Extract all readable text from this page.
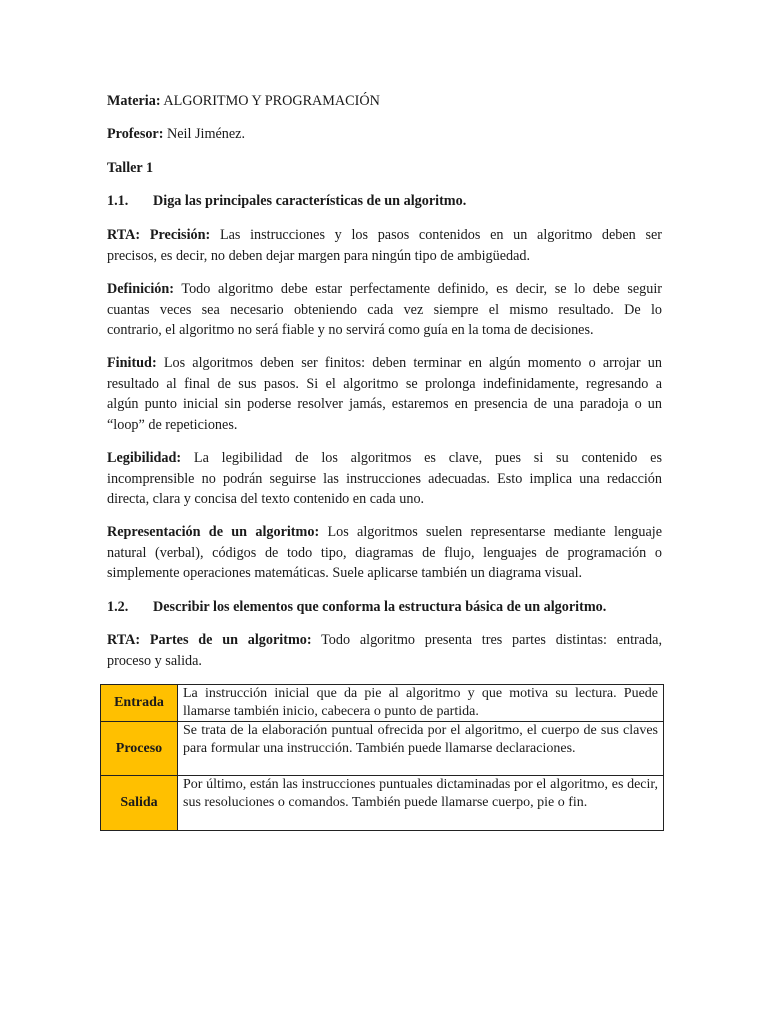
Materia: ALGORITMO Y PROGRAMACIÓN

Profesor: Neil Jiménez.

Taller 1

1.1. Diga las principales características de un algoritmo.

RTA: Precisión: Las instrucciones y los pasos contenidos en un algoritmo deben ser
precisos, es decir, no deben dejar margen para ningún tipo de ambigüedad.
Definición: Todo algoritmo debe estar perfectamente definido, es decir, se lo debe seguir
cuantas veces sea necesario obteniendo cada vez siempre el mismo resultado. De lo
contrario, el algoritmo no será fiable y no servirá como guía en la toma de decisiones.
Finitud: Los algoritmos deben ser finitos: deben terminar en algún momento o arrojar un
resultado al final de sus pasos. Si el algoritmo se prolonga indefinidamente, regresando a
algún punto inicial sin poderse resolver jamás, estaremos en presencia de una paradoja o un
“loop” de repeticiones.
Legibilidad: La legibilidad de los algoritmos es clave, pues si su contenido es
incomprensible no podrán seguirse las instrucciones adecuadas. Esto implica una redacción
directa, clara y concisa del texto contenido en cada uno.
Representación de un algoritmo: Los algoritmos suelen representarse mediante lenguaje
natural (verbal), códigos de todo tipo, diagramas de flujo, lenguajes de programación o
simplemente operaciones matemáticas. Suele aplicarse también un diagrama visual.

1.2. Describir los elementos que conforma la estructura básica de un algoritmo.

RTA: Partes de un algoritmo: Todo algoritmo presenta tres partes distintas: entrada,
proceso y salida.
Entrada	La instrucción inicial que da pie al algoritmo y que motiva su lectura. Puede llamarse también inicio, cabecera o punto de partida.
Proceso	Se trata de la elaboración puntual ofrecida por el algoritmo, el cuerpo de sus claves para formular una instrucción. También puede llamarse declaraciones.
Salida	Por último, están las instrucciones puntuales dictaminadas por el algoritmo, es decir, sus resoluciones o comandos. También puede llamarse cuerpo, pie o fin.
